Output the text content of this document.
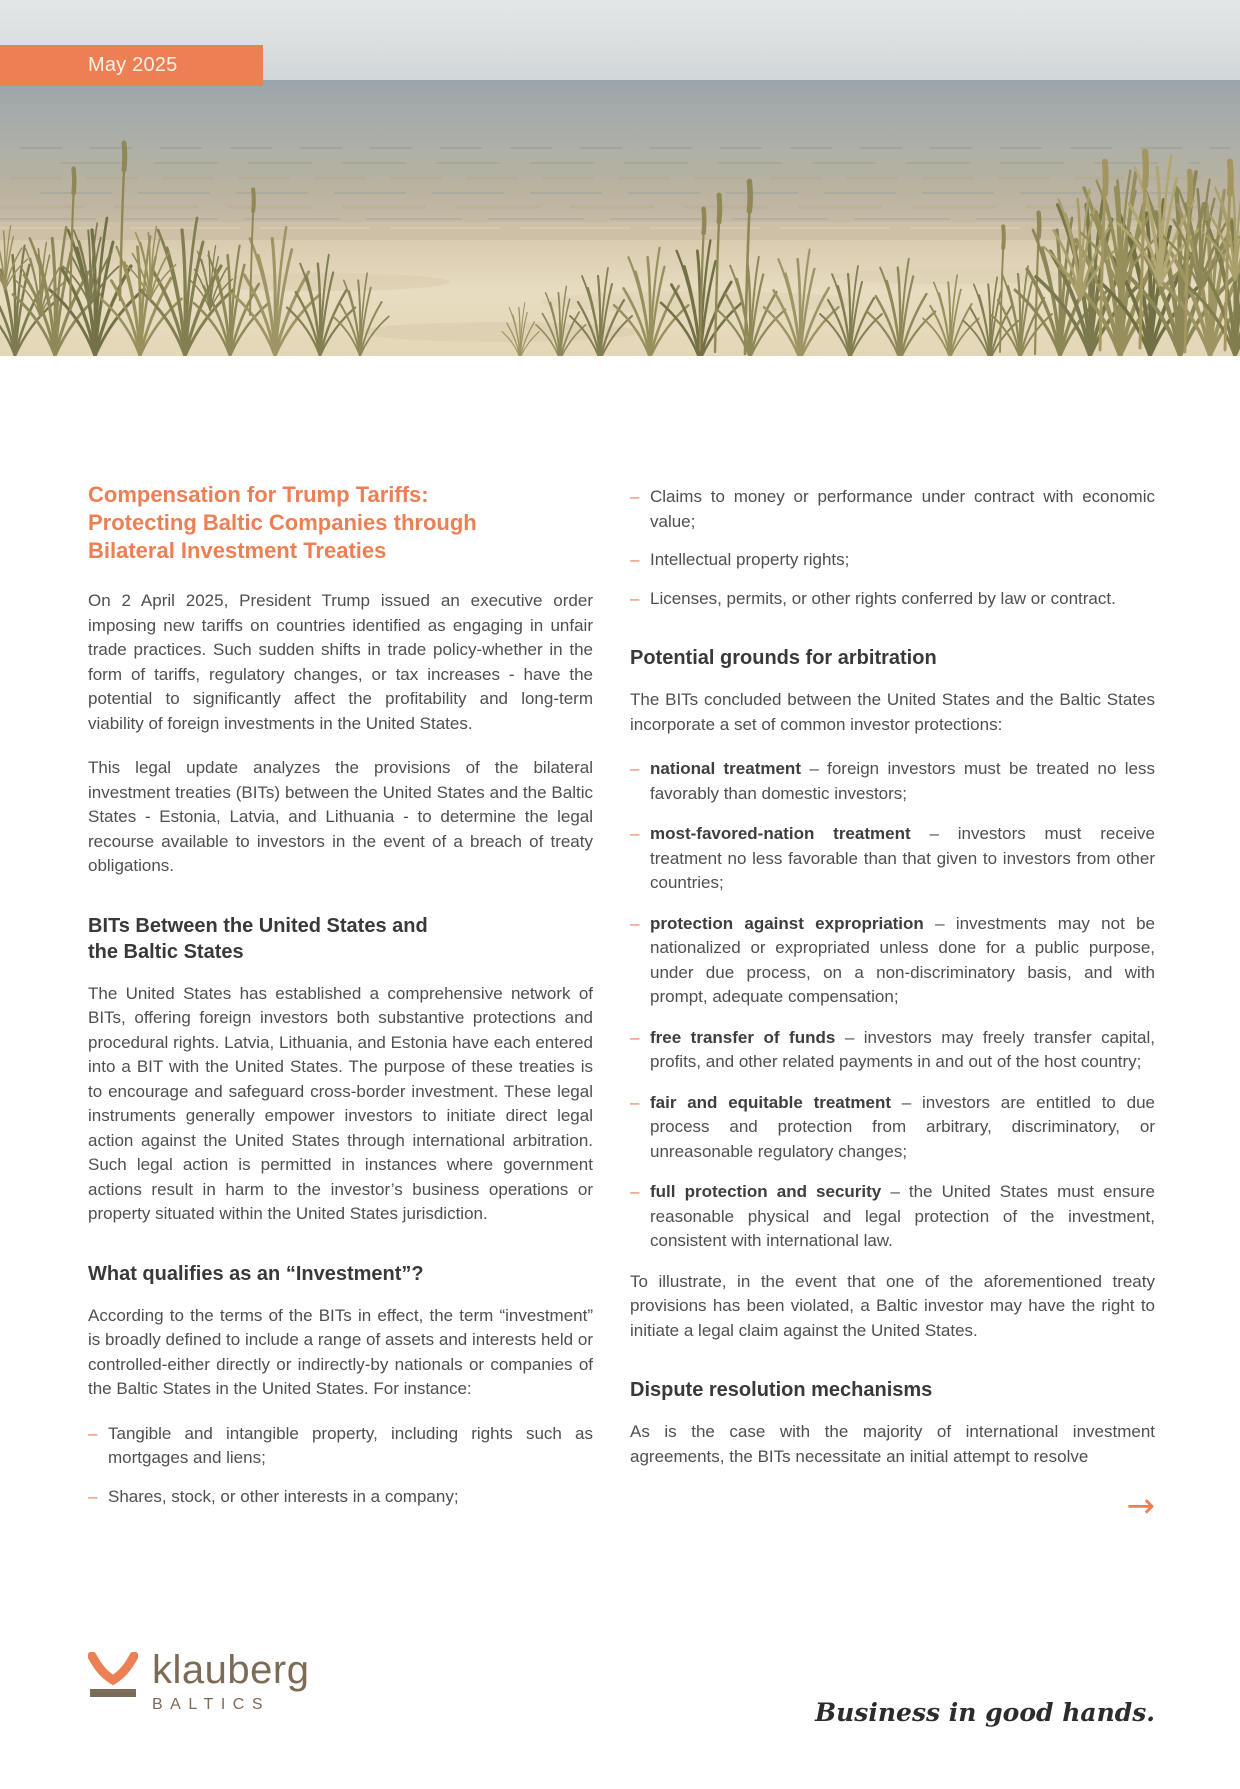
May 2025
Compensation for Trump Tariffs:
Protecting Baltic Companies through
Bilateral Investment Treaties

On 2 April 2025, President Trump issued an executive order imposing new tariffs on countries identified as engaging in unfair trade practices. Such sudden shifts in trade policy-whether in the form of tariffs, regulatory changes, or tax increases - have the potential to significantly affect the profitability and long-term viability of foreign investments in the United States.

This legal update analyzes the provisions of the bilateral investment treaties (BITs) between the United States and the Baltic States - Estonia, Latvia, and Lithuania - to determine the legal recourse available to investors in the event of a breach of treaty obligations.

BITs Between the United States and
the Baltic States

The United States has established a comprehensive network of BITs, offering foreign investors both substantive protections and procedural rights. Latvia, Lithuania, and Estonia have each entered into a BIT with the United States. The purpose of these treaties is to encourage and safeguard cross-border investment. These legal instruments generally empower investors to initiate direct legal action against the United States through international arbitration. Such legal action is permitted in instances where government actions result in harm to the investor’s business operations or property situated within the United States jurisdiction.

What qualifies as an “Investment”?

According to the terms of the BITs in effect, the term “investment” is broadly defined to include a range of assets and interests held or controlled-either directly or indirectly-by nationals or companies of the Baltic States in the United States. For instance:

– Tangible and intangible property, including rights such as mortgages and liens;

– Shares, stock, or other interests in a company;

– Claims to money or performance under contract with economic value;

– Intellectual property rights;

– Licenses, permits, or other rights conferred by law or contract.

Potential grounds for arbitration

The BITs concluded between the United States and the Baltic States incorporate a set of common investor protections:

– national treatment – foreign investors must be treated no less favorably than domestic investors;

– most-favored-nation treatment – investors must receive treatment no less favorable than that given to investors from other countries;

– protection against expropriation – investments may not be nationalized or expropriated unless done for a public purpose, under due process, on a non-discriminatory basis, and with prompt, adequate compensation;

– free transfer of funds – investors may freely transfer capital, profits, and other related payments in and out of the host country;

– fair and equitable treatment – investors are entitled to due process and protection from arbitrary, discriminatory, or unreasonable regulatory changes;

– full protection and security – the United States must ensure reasonable physical and legal protection of the investment, consistent with international law.

To illustrate, in the event that one of the aforementioned treaty provisions has been violated, a Baltic investor may have the right to initiate a legal claim against the United States.

Dispute resolution mechanisms

As is the case with the majority of international investment agreements, the BITs necessitate an initial attempt to resolve

→
klauberg
BALTICS	Business in good hands.
